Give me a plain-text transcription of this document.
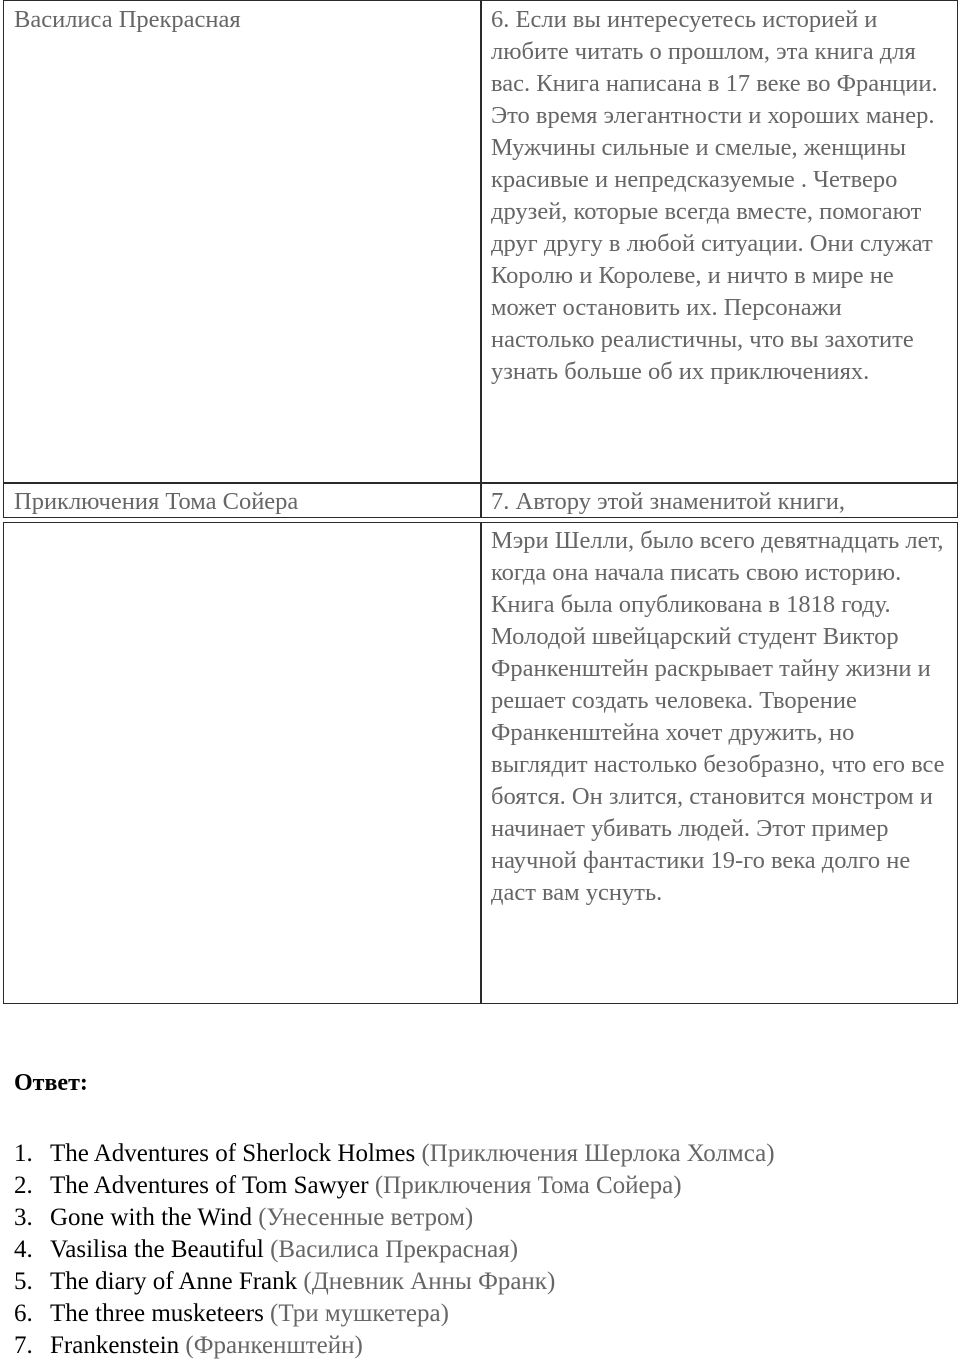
Василиса Прекрасная	6. Если вы интересуетесь историей и любите читать о прошлом, эта книга для вас. Книга написана в 17 веке во Франции. Это время элегантности и хороших манер. Мужчины сильные и смелые, женщины красивые и непредсказуемые . Четверо друзей, которые всегда вместе, помогают друг другу в любой ситуации. Они служат Королю и Королеве, и ничто в мире не может остановить их. Персонажи настолько реалистичны, что вы захотите узнать больше об их приключениях.

Приключения Тома Сойера	7. Автору этой знаменитой книги,

Мэри Шелли, было всего девятнадцать лет, когда она начала писать свою историю. Книга была опубликована в 1818 году. Молодой швейцарский студент Виктор Франкенштейн раскрывает тайну жизни и решает создать человека. Творение Франкенштейна хочет дружить, но выглядит настолько безобразно, что его все боятся. Он злится, становится монстром и начинает убивать людей. Этот пример научной фантастики 19-го века долго не даст вам уснуть.

Ответ:
1. The Adventures of Sherlock Holmes (Приключения Шерлока Холмса)
2. The Adventures of Tom Sawyer (Приключения Тома Сойера)
3. Gone with the Wind (Унесенные ветром)
4. Vasilisa the Beautiful (Василиса Прекрасная)
5. The diary of Anne Frank (Дневник Анны Франк)
6. The three musketeers (Три мушкетера)
7. Frankenstein (Франкенштейн)
